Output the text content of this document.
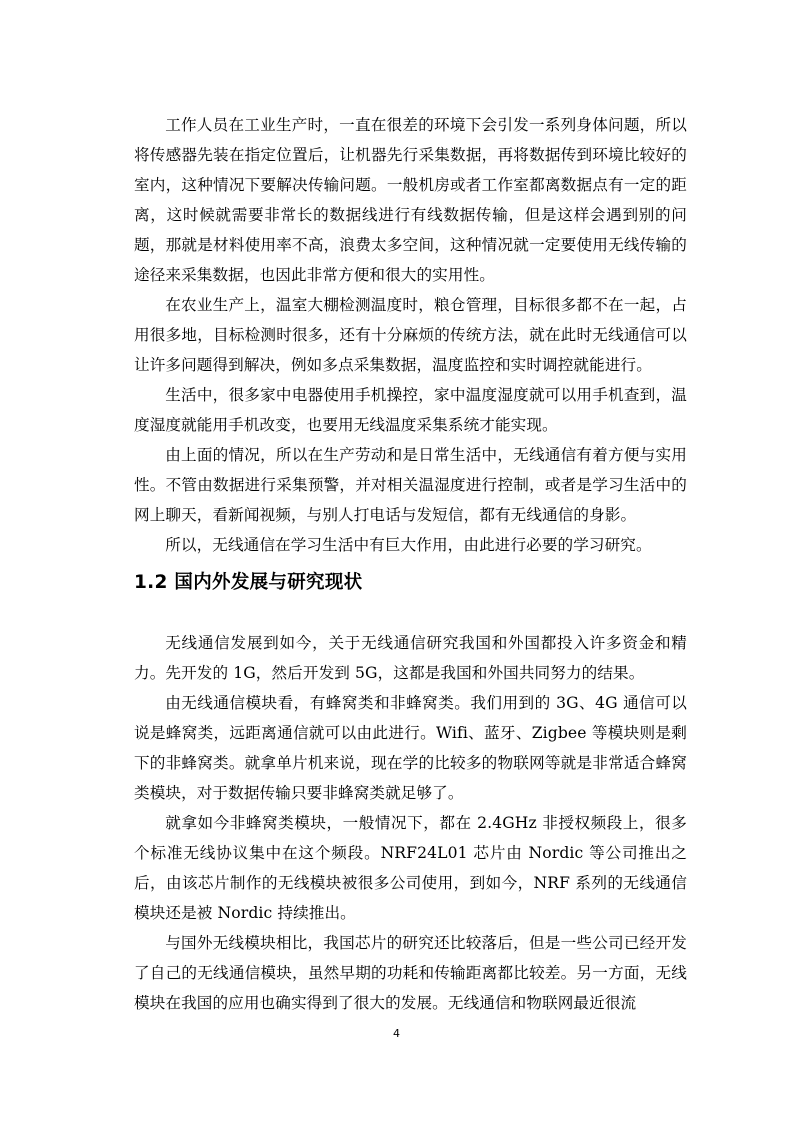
工作人员在工业生产时，一直在很差的环境下会引发一系列身体问题，所以将传感器先装在指定位置后，让机器先行采集数据，再将数据传到环境比较好的室内，这种情况下要解决传输问题。一般机房或者工作室都离数据点有一定的距离，这时候就需要非常长的数据线进行有线数据传输，但是这样会遇到别的问题，那就是材料使用率不高，浪费太多空间，这种情况就一定要使用无线传输的途径来采集数据，也因此非常方便和很大的实用性。

在农业生产上，温室大棚检测温度时，粮仓管理，目标很多都不在一起，占用很多地，目标检测时很多，还有十分麻烦的传统方法，就在此时无线通信可以让许多问题得到解决，例如多点采集数据，温度监控和实时调控就能进行。

生活中，很多家中电器使用手机操控，家中温度湿度就可以用手机查到，温度湿度就能用手机改变，也要用无线温度采集系统才能实现。

由上面的情况，所以在生产劳动和是日常生活中，无线通信有着方便与实用性。不管由数据进行采集预警，并对相关温湿度进行控制，或者是学习生活中的网上聊天，看新闻视频，与别人打电话与发短信，都有无线通信的身影。

所以，无线通信在学习生活中有巨大作用，由此进行必要的学习研究。

1.2 国内外发展与研究现状

无线通信发展到如今，关于无线通信研究我国和外国都投入许多资金和精力。先开发的 1G，然后开发到 5G，这都是我国和外国共同努力的结果。

由无线通信模块看，有蜂窝类和非蜂窝类。我们用到的 3G、4G 通信可以说是蜂窝类，远距离通信就可以由此进行。Wifi、蓝牙、Zigbee 等模块则是剩下的非蜂窝类。就拿单片机来说，现在学的比较多的物联网等就是非常适合蜂窝类模块，对于数据传输只要非蜂窝类就足够了。

就拿如今非蜂窝类模块，一般情况下，都在 2.4GHz 非授权频段上，很多个标准无线协议集中在这个频段。NRF24L01 芯片由 Nordic 等公司推出之后，由该芯片制作的无线模块被很多公司使用，到如今，NRF 系列的无线通信模块还是被 Nordic 持续推出。

与国外无线模块相比，我国芯片的研究还比较落后，但是一些公司已经开发了自己的无线通信模块，虽然早期的功耗和传输距离都比较差。另一方面，无线模块在我国的应用也确实得到了很大的发展。无线通信和物联网最近很流

4
